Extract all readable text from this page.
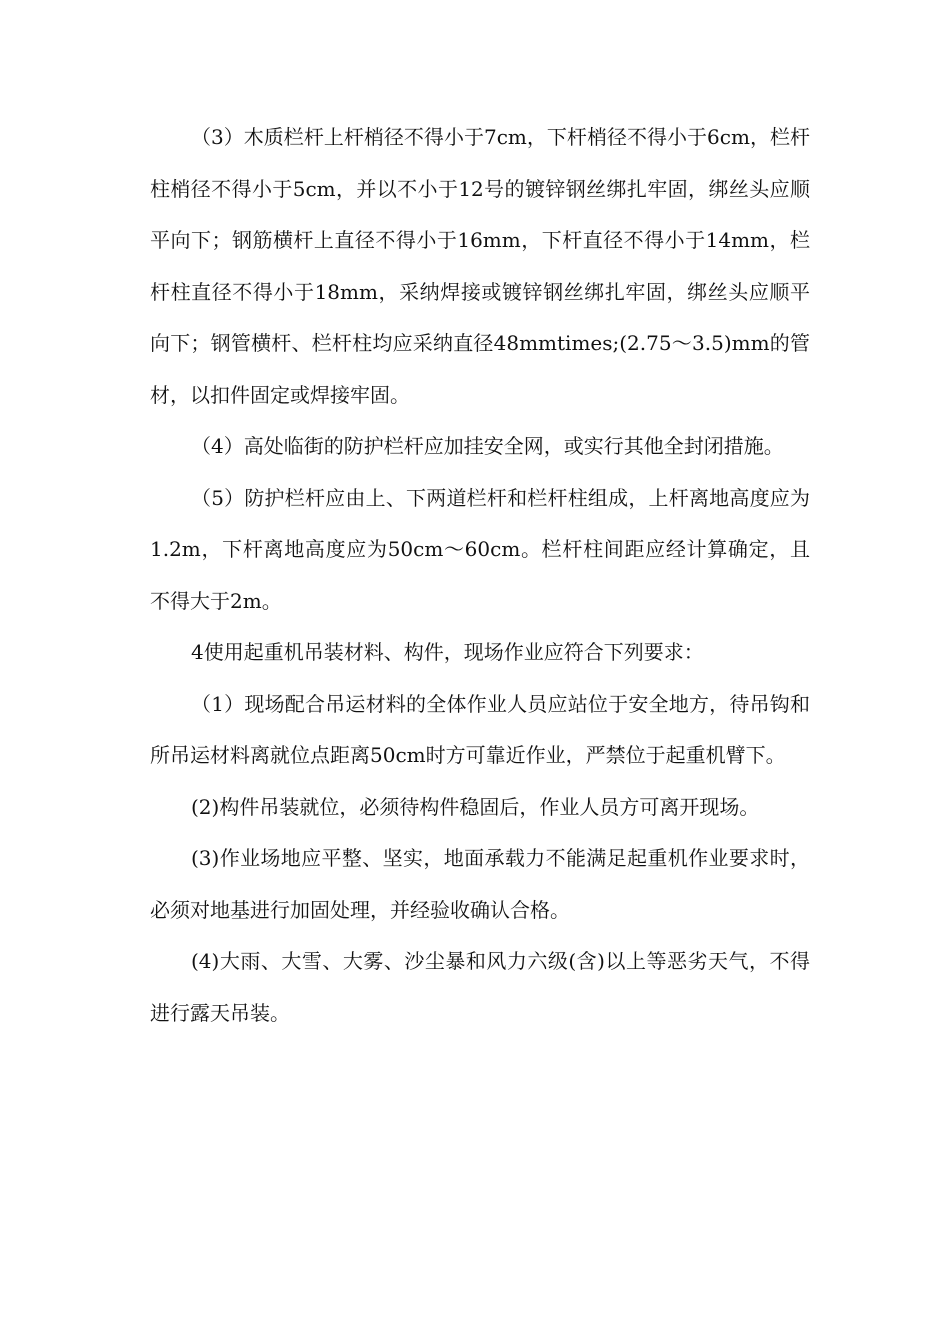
（3）木质栏杆上杆梢径不得小于7cm，下杆梢径不得小于6cm，栏杆柱梢径不得小于5cm，并以不小于12号的镀锌钢丝绑扎牢固，绑丝头应顺平向下；钢筋横杆上直径不得小于16mm，下杆直径不得小于14mm，栏杆柱直径不得小于18mm，采纳焊接或镀锌钢丝绑扎牢固，绑丝头应顺平向下；钢管横杆、栏杆柱均应采纳直径48mmtimes;(2.75～3.5)mm的管材，以扣件固定或焊接牢固。

（4）高处临街的防护栏杆应加挂安全网，或实行其他全封闭措施。

（5）防护栏杆应由上、下两道栏杆和栏杆柱组成，上杆离地高度应为1.2m，下杆离地高度应为50cm～60cm。栏杆柱间距应经计算确定，且不得大于2m。

4使用起重机吊装材料、构件，现场作业应符合下列要求：

（1）现场配合吊运材料的全体作业人员应站位于安全地方，待吊钩和所吊运材料离就位点距离50cm时方可靠近作业，严禁位于起重机臂下。

(2)构件吊装就位，必须待构件稳固后，作业人员方可离开现场。

(3)作业场地应平整、坚实，地面承载力不能满足起重机作业要求时，必须对地基进行加固处理，并经验收确认合格。

(4)大雨、大雪、大雾、沙尘暴和风力六级(含)以上等恶劣天气，不得进行露天吊装。
